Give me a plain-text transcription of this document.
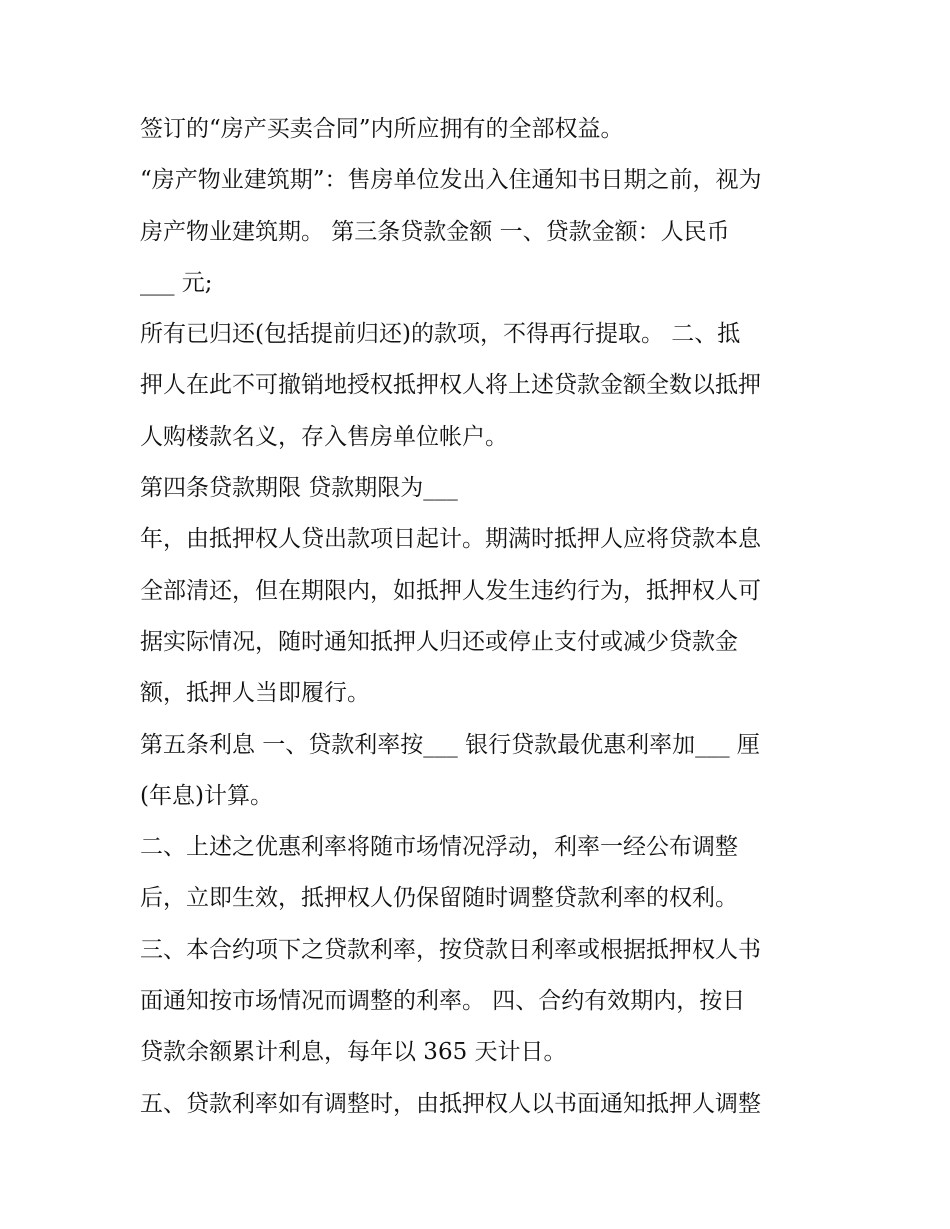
签订的“房产买卖合同”内所应拥有的全部权益。
“房产物业建筑期”：售房单位发出入住通知书日期之前，视为
房产物业建筑期。 第三条贷款金额 一、贷款金额：人民币
___ 元;
所有已归还(包括提前归还)的款项，不得再行提取。 二、抵
押人在此不可撤销地授权抵押权人将上述贷款金额全数以抵押
人购楼款名义，存入售房单位帐户。
第四条贷款期限 贷款期限为___
年，由抵押权人贷出款项日起计。期满时抵押人应将贷款本息
全部清还，但在期限内，如抵押人发生违约行为，抵押权人可
据实际情况，随时通知抵押人归还或停止支付或减少贷款金
额，抵押人当即履行。
第五条利息 一、贷款利率按___ 银行贷款最优惠利率加___ 厘
(年息)计算。
二、上述之优惠利率将随市场情况浮动，利率一经公布调整
后，立即生效，抵押权人仍保留随时调整贷款利率的权利。
三、本合约项下之贷款利率，按贷款日利率或根据抵押权人书
面通知按市场情况而调整的利率。 四、合约有效期内，按日
贷款余额累计利息，每年以 365 天计日。
五、贷款利率如有调整时，由抵押权人以书面通知抵押人调整
